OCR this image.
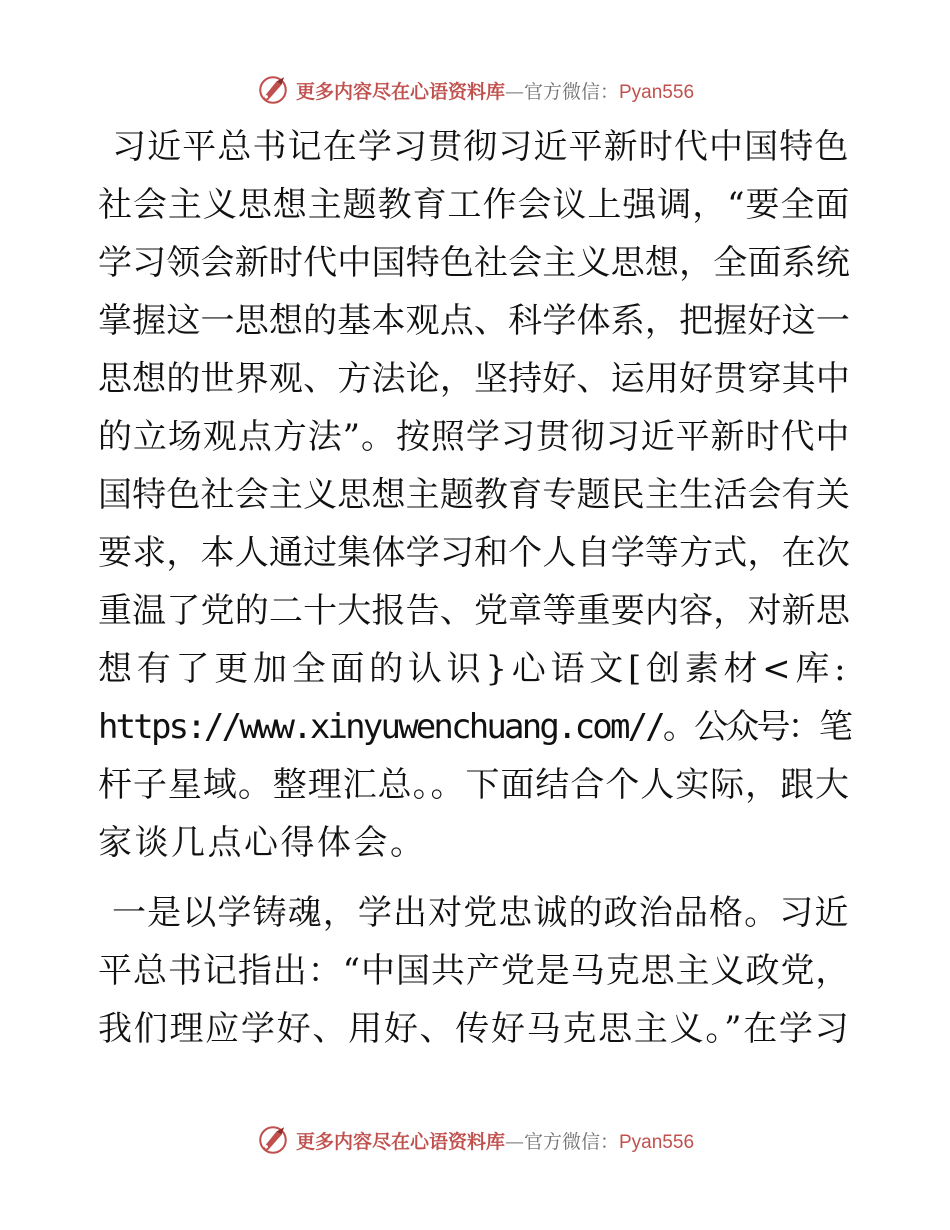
更多内容尽在心语资料库—官方微信：Pyan556
习近平总书记在学习贯彻习近平新时代中国特色
社会主义思想主题教育工作会议上强调，“要全面
学习领会新时代中国特色社会主义思想，全面系统
掌握这一思想的基本观点、科学体系，把握好这一
思想的世界观、方法论，坚持好、运用好贯穿其中
的立场观点方法”。按照学习贯彻习近平新时代中
国特色社会主义思想主题教育专题民主生活会有关
要求，本人通过集体学习和个人自学等方式，在次
重温了党的二十大报告、党章等重要内容，对新思
想有了更加全面的认识}心语文[创素材<库:
https://www.xinyuwenchuang.com//。公众号：笔
杆子星域。整理汇总。。下面结合个人实际，跟大
家谈几点心得体会。
一是以学铸魂，学出对党忠诚的政治品格。习近
平总书记指出：“中国共产党是马克思主义政党，
我们理应学好、用好、传好马克思主义。”在学习
更多内容尽在心语资料库—官方微信：Pyan556
